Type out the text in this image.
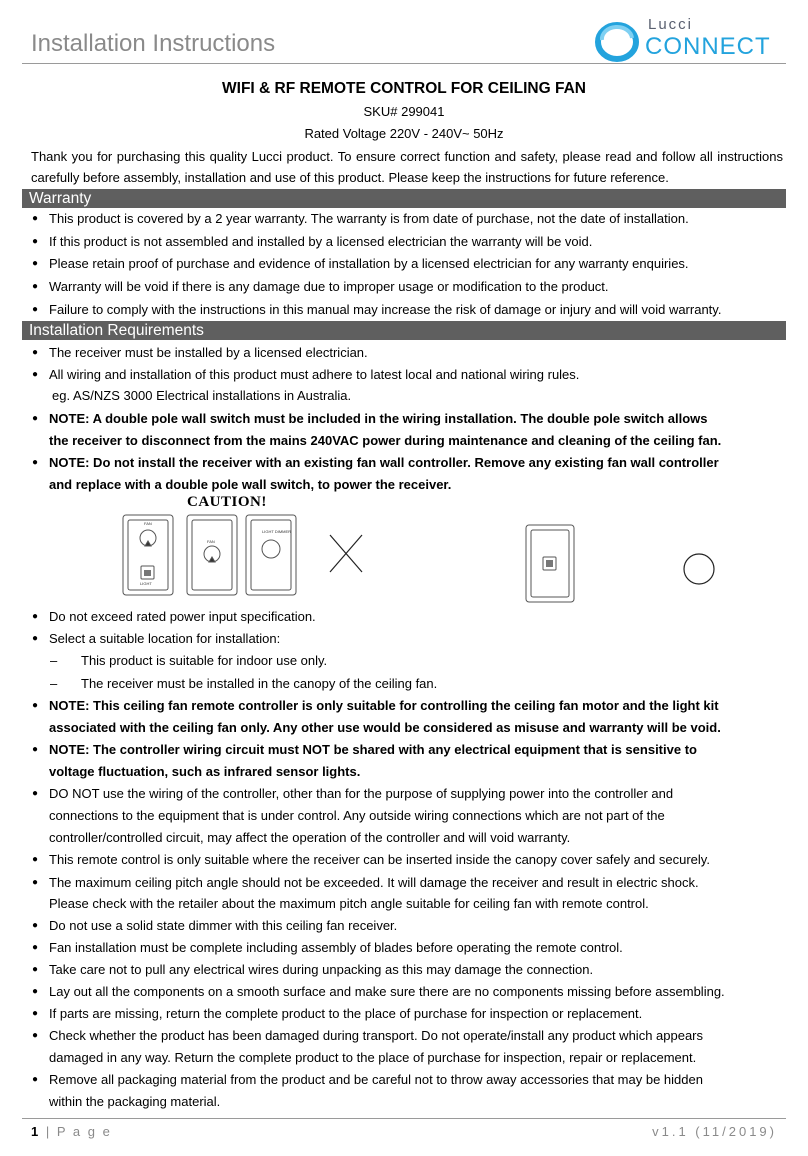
Installation Instructions
Lucci
CONNECT
WIFI & RF REMOTE CONTROL FOR CEILING FAN
SKU# 299041
Rated Voltage 220V - 240V~ 50Hz
Thank you for purchasing this quality Lucci product. To ensure correct function and safety, please read and follow all instructions carefully before assembly, installation and use of this product. Please keep the instructions for future reference.
Warranty
● This product is covered by a 2 year warranty. The warranty is from date of purchase, not the date of installation.
● If this product is not assembled and installed by a licensed electrician the warranty will be void.
● Please retain proof of purchase and evidence of installation by a licensed electrician for any warranty enquiries.
● Warranty will be void if there is any damage due to improper usage or modification to the product.
● Failure to comply with the instructions in this manual may increase the risk of damage or injury and will void warranty.
Installation Requirements
● The receiver must be installed by a licensed electrician.
● All wiring and installation of this product must adhere to latest local and national wiring rules.
eg. AS/NZS 3000 Electrical installations in Australia.
● NOTE: A double pole wall switch must be included in the wiring installation. The double pole switch allows
the receiver to disconnect from the mains 240VAC power during maintenance and cleaning of the ceiling fan.
● NOTE: Do not install the receiver with an existing fan wall controller. Remove any existing fan wall controller
and replace with a double pole wall switch, to power the receiver.
CAUTION!
FAN
LIGHT
FAN
LIGHT DIMMER
● Do not exceed rated power input specification.
● Select a suitable location for installation:
– This product is suitable for indoor use only.
– The receiver must be installed in the canopy of the ceiling fan.
● NOTE: This ceiling fan remote controller is only suitable for controlling the ceiling fan motor and the light kit
associated with the ceiling fan only. Any other use would be considered as misuse and warranty will be void.
● NOTE: The controller wiring circuit must NOT be shared with any electrical equipment that is sensitive to
voltage fluctuation, such as infrared sensor lights.
● DO NOT use the wiring of the controller, other than for the purpose of supplying power into the controller and
connections to the equipment that is under control. Any outside wiring connections which are not part of the
controller/controlled circuit, may affect the operation of the controller and will void warranty.
● This remote control is only suitable where the receiver can be inserted inside the canopy cover safely and securely.
● The maximum ceiling pitch angle should not be exceeded. It will damage the receiver and result in electric shock.
Please check with the retailer about the maximum pitch angle suitable for ceiling fan with remote control.
● Do not use a solid state dimmer with this ceiling fan receiver.
● Fan installation must be complete including assembly of blades before operating the remote control.
● Take care not to pull any electrical wires during unpacking as this may damage the connection.
● Lay out all the components on a smooth surface and make sure there are no components missing before assembling.
● If parts are missing, return the complete product to the place of purchase for inspection or replacement.
● Check whether the product has been damaged during transport. Do not operate/install any product which appears
damaged in any way. Return the complete product to the place of purchase for inspection, repair or replacement.
● Remove all packaging material from the product and be careful not to throw away accessories that may be hidden
within the packaging material.
1 | P a g e	v1.1 (11/2019)
